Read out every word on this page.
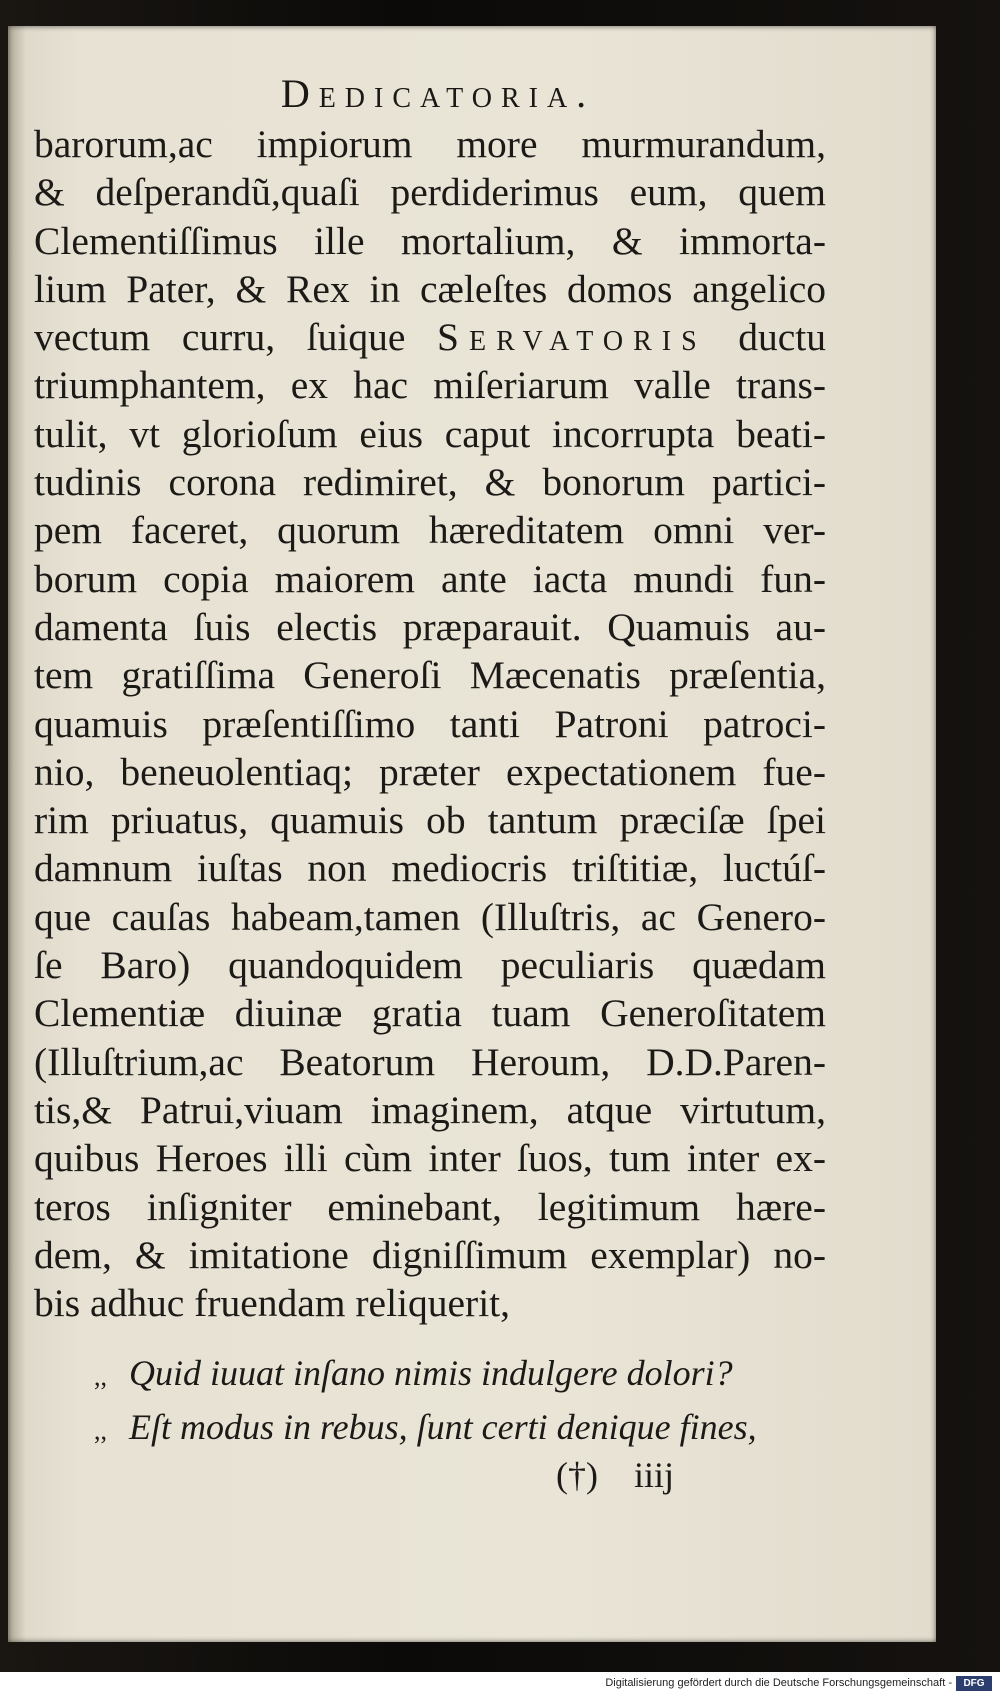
Dedicatoria.
barorum,ac impiorum more murmurandum,
& deſperandũ,quaſi perdiderimus eum, quem
Clementiſſimus ille mortalium, & immorta-
lium Pater, & Rex in cæleſtes domos angelico
vectum curru, ſuique Servatoris ductu
triumphantem, ex hac miſeriarum valle trans-
tulit, vt glorioſum eius caput incorrupta beati-
tudinis corona redimiret, & bonorum partici-
pem faceret, quorum hæreditatem omni ver-
borum copia maiorem ante iacta mundi fun-
damenta ſuis electis præparauit. Quamuis au-
tem gratiſſima Generoſi Mæcenatis præſentia,
quamuis præſentiſſimo tanti Patroni patroci-
nio, beneuolentiaq; præter expectationem fue-
rim priuatus, quamuis ob tantum præciſæ ſpei
damnum iuſtas non mediocris triſtitiæ, luctúſ-
que cauſas habeam,tamen (Illuſtris, ac Genero-
ſe Baro) quandoquidem peculiaris quædam
Clementiæ diuinæ gratia tuam Generoſitatem
(Illuſtrium,ac Beatorum Heroum, D.D.Paren-
tis,& Patrui,viuam imaginem, atque virtutum,
quibus Heroes illi cùm inter ſuos, tum inter ex-
teros inſigniter eminebant, legitimum hære-
dem, & imitatione digniſſimum exemplar) no-
bis adhuc fruendam reliquerit,
,, Quid iuuat inſano nimis indulgere dolori?
,, Eſt modus in rebus, ſunt certi denique fines,
(†) iiij
Digitalisierung gefördert durch die Deutsche Forschungsgemeinschaft -	DFG
